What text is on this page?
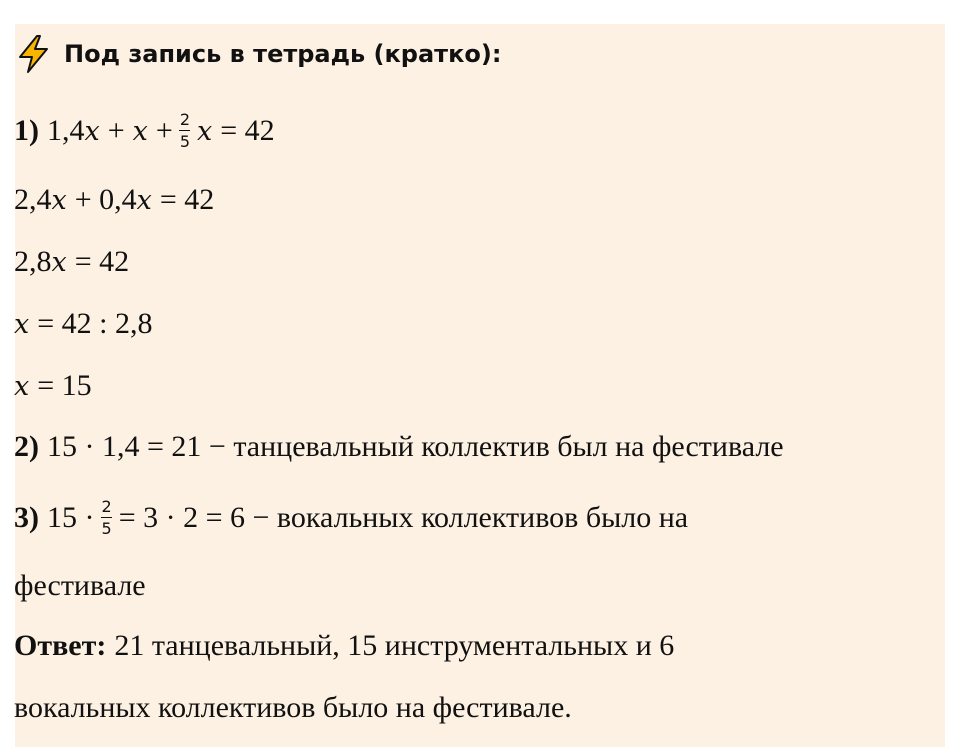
Под запись в тетрадь (кратко):
1) 1,4 $x + x + \frac{2}{5}$ x = 42
2,4 x + 0,4 x = 42
2,8 x = 42
x = 42 : 2,8
x = 15
2) 15 · 1,4 = 21 − танцевальный коллектив был на фестивале
3) $15 \cdot \frac{2}{5} = 3 \cdot 2 = 6$ − вокальных коллективов было на
фестивале
Ответ: 21 танцевальный, 15 инструментальных и 6
вокальных коллективов было на фестивале.
